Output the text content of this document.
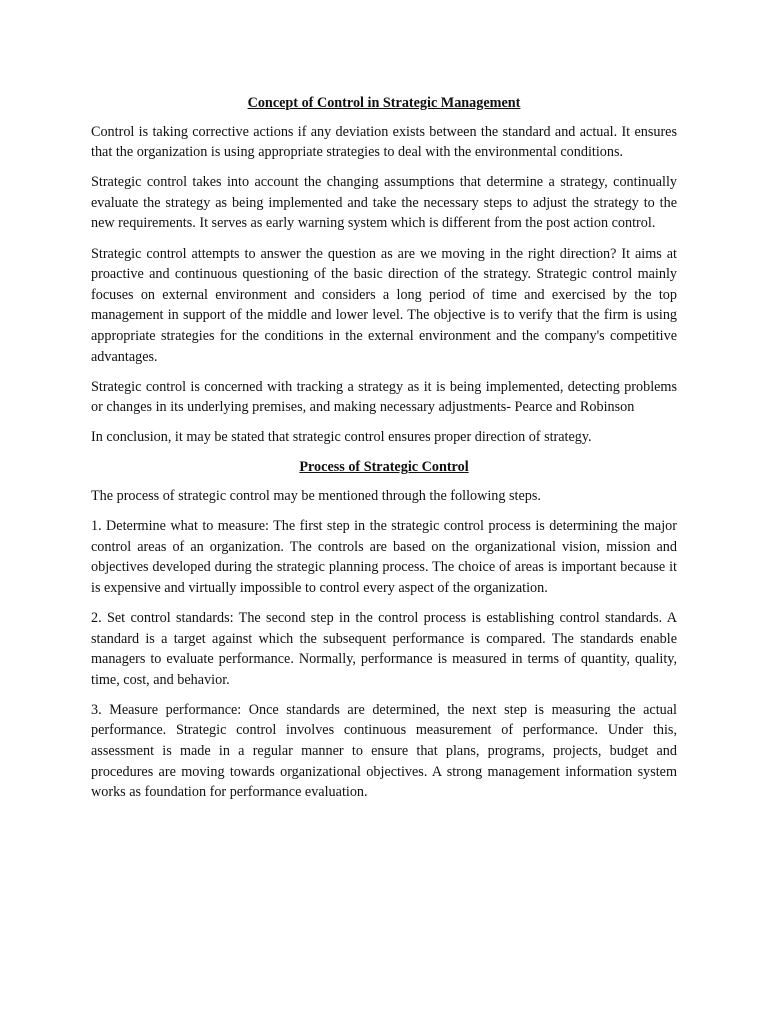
Concept of Control in Strategic Management

Control is taking corrective actions if any deviation exists between the standard and actual. It ensures that the organization is using appropriate strategies to deal with the environmental conditions.

Strategic control takes into account the changing assumptions that determine a strategy, continually evaluate the strategy as being implemented and take the necessary steps to adjust the strategy to the new requirements. It serves as early warning system which is different from the post action control.

Strategic control attempts to answer the question as are we moving in the right direction? It aims at proactive and continuous questioning of the basic direction of the strategy. Strategic control mainly focuses on external environment and considers a long period of time and exercised by the top management in support of the middle and lower level. The objective is to verify that the firm is using appropriate strategies for the conditions in the external environment and the company's competitive advantages.

Strategic control is concerned with tracking a strategy as it is being implemented, detecting problems or changes in its underlying premises, and making necessary adjustments- Pearce and Robinson

In conclusion, it may be stated that strategic control ensures proper direction of strategy.

Process of Strategic Control

The process of strategic control may be mentioned through the following steps.

1. Determine what to measure: The first step in the strategic control process is determining the major control areas of an organization. The controls are based on the organizational vision, mission and objectives developed during the strategic planning process. The choice of areas is important because it is expensive and virtually impossible to control every aspect of the organization.

2. Set control standards: The second step in the control process is establishing control standards. A standard is a target against which the subsequent performance is compared. The standards enable managers to evaluate performance. Normally, performance is measured in terms of quantity, quality, time, cost, and behavior.

3. Measure performance: Once standards are determined, the next step is measuring the actual performance. Strategic control involves continuous measurement of performance. Under this, assessment is made in a regular manner to ensure that plans, programs, projects, budget and procedures are moving towards organizational objectives. A strong management information system works as foundation for performance evaluation.
